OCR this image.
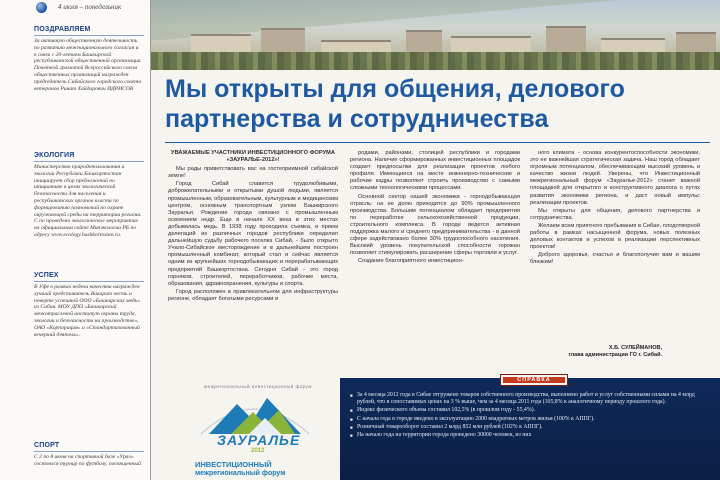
4 июля – понедельник
ПОЗДРАВЛЯЕМ
За активную общественную деятельность по развитию межнационального согласия и в связи с 20-летием Башкирской республиканской общественной организации Почетной грамотой Всероссийского союза общественных организаций награжден председатель Сибайского городского совета ветеранов Ринат Хайдарович ИДРИСОВ
ЭКОЛОГИЯ
Министерство природопользования и экологии Республики Башкортостан инициирует сбор предложений по инициативе в целях экологической безопасности для населения и республиканских органов власти по формированию полномочий по охране окружающей среды на территории региона. С по проведено экологическое мероприятие на официальном сайте Минэкологии РБ по адресу www.ecology.bashkortostan.ru.
УСПЕХ
В Уфе в рамках недели качества награжден лучший представитель Вакарат честь и поверте успешной ООО «Башкирских медь» из Сибая. МОУ ДПО «Башкирский межотраслевой институт охраны труда, экологии и безопасности на производстве», ОАО «Корпорация» и «Стандартизованный вечерний деятель».
СПОРТ
С 2 по 8 июня на спортивной базе «Урал» состоялся турнир по футболу, посвященный
Мы открыты для общения, делового партнерства и сотрудничества

УВАЖАЕМЫЕ УЧАСТНИКИ ИНВЕСТИЦИОННОГО ФОРУМА «ЗАУРАЛЬЕ-2012»!

Мы рады приветствовать вас на гостеприимной сибайской земле!

Город Сибай славится трудолюбивыми, доброжелательными и открытыми душой людьми, является промышленным, образовательным, культурным и медицинским центром, основным транспортным узлом Башкирского Зауралья. Рождение города связано с промышленным освоением недр. Еще в начале XX века в этих местах добывалась медь. В 1938 году проходила съемка, и прием делегаций из различных городов республики определил дальнейшую судьбу рабочего поселка Сибай, - было открыто Учало-Сибайское месторождение и в дальнейшем построен промышленный комбинат, который стал и сейчас является одним из крупнейших горнодобывающих и перерабатывающих предприятий Башкортостана. Сегодня Сибай - это город горняков, строителей, переработчиков, рабочие места, образования, здравоохранения, культуры и спорта.

Город расположен в привлекательном для инфраструктуры регионе, обладает богатыми ресурсами и

родами, районами, столицей республики и городами региона. Наличие сформированных инвестиционных площадок создает предпосылки для реализации проектов любого профиля. Имеющиеся на месте инженерно-технические и рабочие кадры позволяют строить производство с самыми сложными технологическими процессами.

Основной сектор нашей экономики - горнодобывающая отрасль: на ее долю приходится до 90% промышленного производства. Большим потенциалом обладает предприятия по переработке сельскохозяйственной продукции, строительного комплекса. В городе ведется активная поддержка малого и среднего предпринимательства - в данной сфере задействовано более 30% трудоспособного населения. Высокий уровень покупательской способности горожан позволяет стимулировать расширение сферы торговли и услуг.

Создание благоприятного инвестицион-

ного климата - основа конкурентоспособности экономики, это ее важнейшая стратегическая задача. Наш город обладает огромным потенциалом, обеспечивающим высокий уровень и качество жизни людей. Уверены, что Инвестиционный межрегиональный форум «Зауралье-2012» станет важной площадкой для открытого и конструктивного диалога о путях развития экономики региона, и даст новый импульс реализации проектов.

Мы открыты для общения, делового партнерства и сотрудничества.

Желаем всем приятного пребывания в Сибае, плодотворной работы в рамках насыщенной форума, новых полезных деловых контактов и успехов в реализации перспективных проектов!

Доброго здоровья, счастья и благополучия вам и вашим близким!

Х.Б. СУЛЕЙМАНОВ,
глава администрации ГО г. Сибай.
межрегиональный инвестиционный форум
ЗАУРАЛЬЕ
2012
ИНВЕСТИЦИОННЫЙ
межрегиональный форум
СПРАВКА
■ За 4 месяца 2012 года в Сибае отгружено товаров собственного производства, выполнено работ и услуг собственными силами на 4 млрд рублей, что в сопоставимых ценах на 3 % выше, чем за 4 месяца 2011 года (105,8% к аналогичному периоду прошлого года).
■ Индекс физического объема составил 102,5% (в прошлом году - 55,4%).
■ С начала года в городе введено в эксплуатацию 2000 квадратных метров жилья (100% к АППГ).
■ Розничный товарооборот составил 2 млрд 852 млн рублей (102% к АППГ).
■ На начало года на территории города проведено 30000 человек, из них
